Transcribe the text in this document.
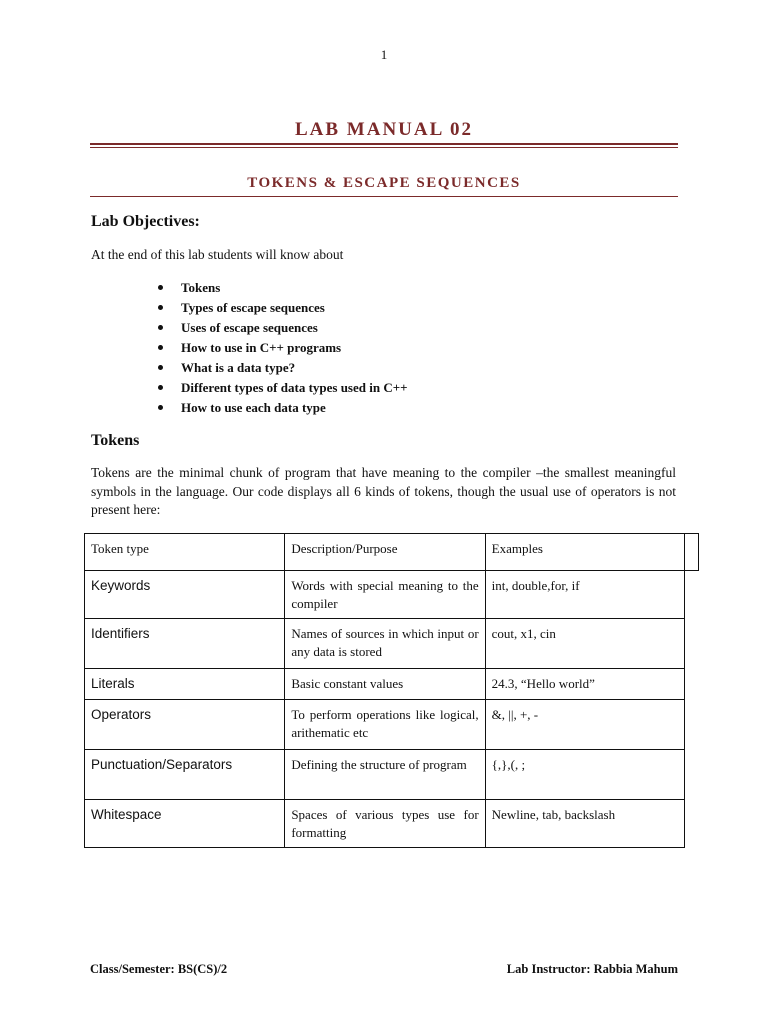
1
LAB MANUAL 02
TOKENS & ESCAPE SEQUENCES
Lab Objectives:
At the end of this lab students will know about
Tokens
Types of escape sequences
Uses of escape sequences
How to use in C++ programs
What is a data type?
Different types of data types used in C++
How to use each data type
Tokens
Tokens are the minimal chunk of program that have meaning to the compiler –the smallest meaningful symbols in the language. Our code displays all 6 kinds of tokens, though the usual use of operators is not present here:
Token type	Description/Purpose	Examples
Keywords	Words with special meaning to the compiler	int, double,for, if
Identifiers	Names of sources in which input or any data is stored	cout, x1, cin
Literals	Basic constant values	24.3, “Hello world”
Operators	To perform operations like logical, arithematic etc	&, ||, +, -
Punctuation/Separators	Defining the structure of program	{,},(, ;
Whitespace	Spaces of various types use for formatting	Newline, tab, backslash
Class/Semester: BS(CS)/2	Lab Instructor: Rabbia Mahum
